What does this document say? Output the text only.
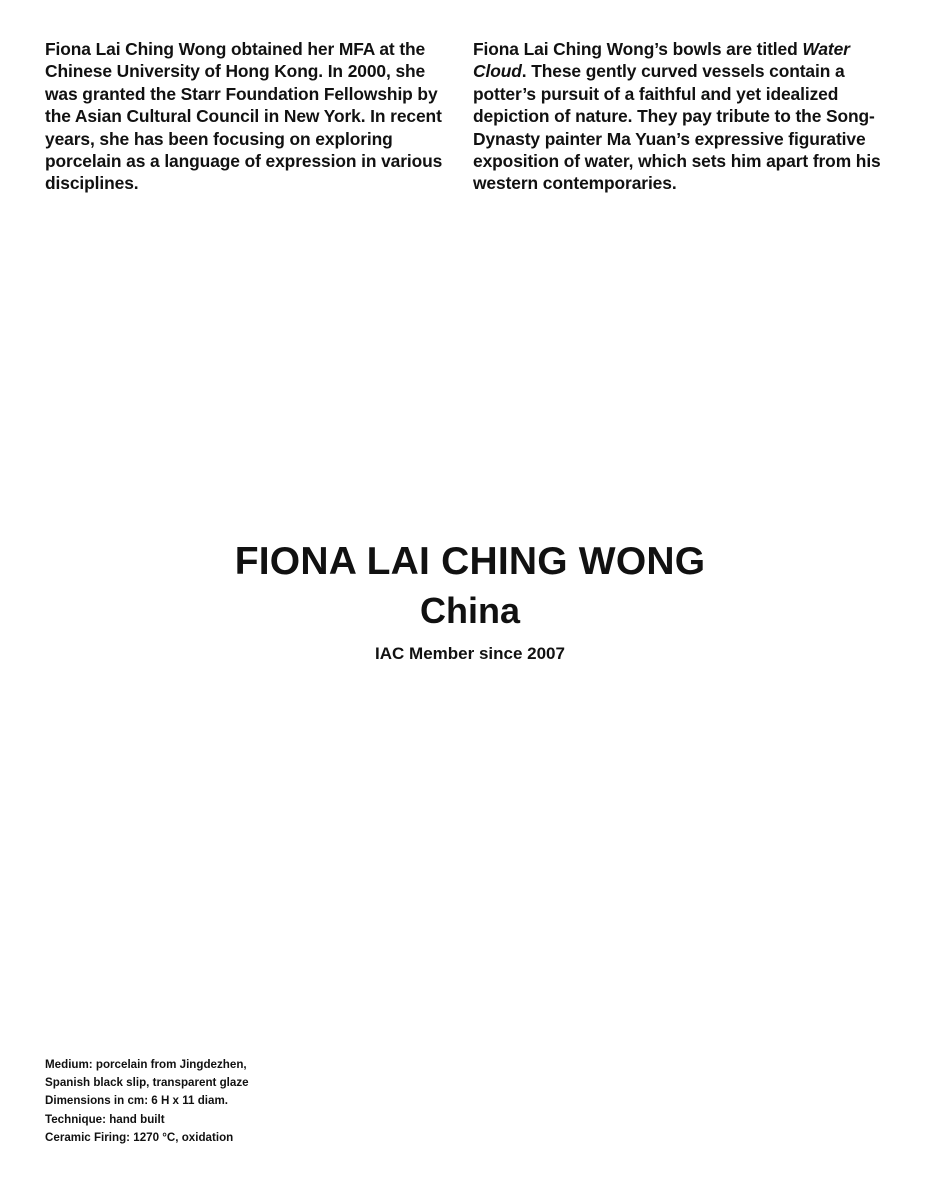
Fiona Lai Ching Wong obtained her MFA at the Chinese University of Hong Kong. In 2000, she was granted the Starr Foundation Fellowship by the Asian Cultural Council in New York. In recent years, she has been focusing on exploring porcelain as a language of expression in various disciplines.

Fiona Lai Ching Wong’s bowls are titled Water Cloud. These gently curved vessels contain a potter’s pursuit of a faithful and yet idealized depiction of nature. They pay tribute to the Song-Dynasty painter Ma Yuan’s expressive figurative exposition of water, which sets him apart from his western contemporaries.

FIONA LAI CHING WONG
China
IAC Member since 2007
Medium: porcelain from Jingdezhen,
Spanish black slip, transparent glaze
Dimensions in cm: 6 H x 11 diam.
Technique: hand built
Ceramic Firing: 1270 °C, oxidation
